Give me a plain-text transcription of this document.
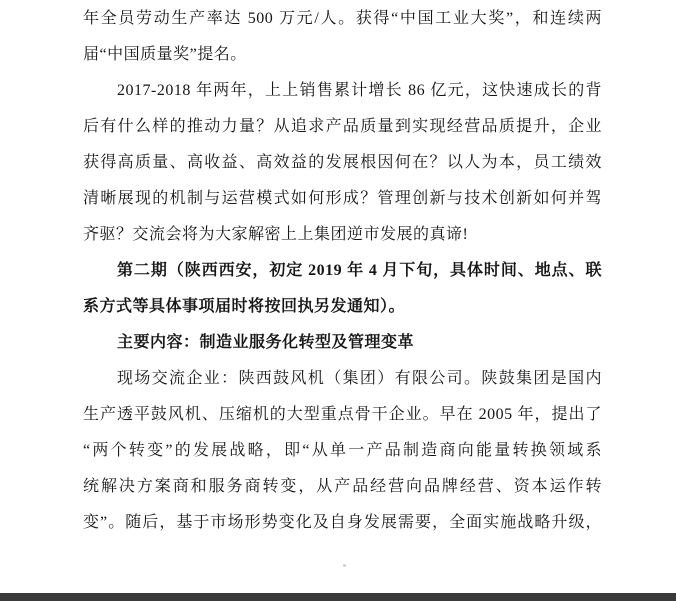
年全员劳动生产率达 500 万元/人。获得“中国工业大奖”，和连续两
届“中国质量奖”提名。
2017-2018 年两年，上上销售累计增长 86 亿元，这快速成长的背
后有什么样的推动力量？从追求产品质量到实现经营品质提升，企业
获得高质量、高收益、高效益的发展根因何在？以人为本，员工绩效
清晰展现的机制与运营模式如何形成？管理创新与技术创新如何并驾
齐驱？交流会将为大家解密上上集团逆市发展的真谛!
第二期（陕西西安，初定 2019 年 4 月下旬，具体时间、地点、联
系方式等具体事项届时将按回执另发通知）。
主要内容：制造业服务化转型及管理变革
现场交流企业：陕西鼓风机（集团）有限公司。陕鼓集团是国内
生产透平鼓风机、压缩机的大型重点骨干企业。早在 2005 年，提出了
“两个转变”的发展战略，即“从单一产品制造商向能量转换领域系
统解决方案商和服务商转变，从产品经营向品牌经营、资本运作转
变”。随后，基于市场形势变化及自身发展需要，全面实施战略升级，
